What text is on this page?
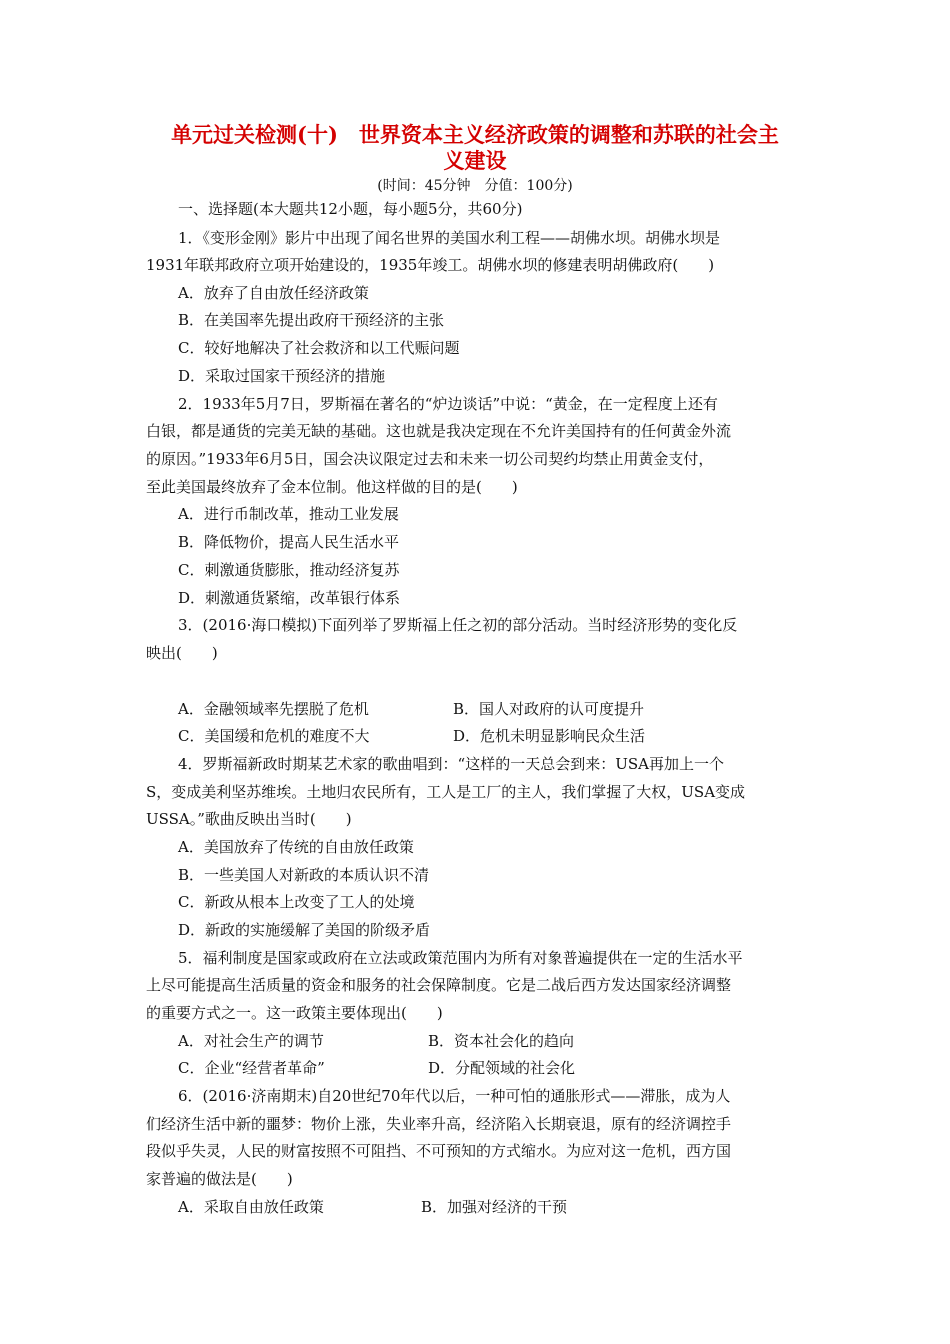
单元过关检测(十)　世界资本主义经济政策的调整和苏联的社会主
义建设
(时间：45分钟　分值：100分)
一、选择题(本大题共12小题，每小题5分，共60分)
1．《变形金刚》影片中出现了闻名世界的美国水利工程——胡佛水坝。胡佛水坝是
1931年联邦政府立项开始建设的，1935年竣工。胡佛水坝的修建表明胡佛政府(　　)
A．放弃了自由放任经济政策
B．在美国率先提出政府干预经济的主张
C．较好地解决了社会救济和以工代赈问题
D．采取过国家干预经济的措施
2．1933年5月7日，罗斯福在著名的“炉边谈话”中说：“黄金，在一定程度上还有
白银，都是通货的完美无缺的基础。这也就是我决定现在不允许美国持有的任何黄金外流
的原因。”1933年6月5日，国会决议限定过去和未来一切公司契约均禁止用黄金支付，
至此美国最终放弃了金本位制。他这样做的目的是(　　)
A．进行币制改革，推动工业发展
B．降低物价，提高人民生活水平
C．刺激通货膨胀，推动经济复苏
D．刺激通货紧缩，改革银行体系
3．(2016·海口模拟)下面列举了罗斯福上任之初的部分活动。当时经济形势的变化反
映出(　　)
A．金融领域率先摆脱了危机	B．国人对政府的认可度提升
C．美国缓和危机的难度不大	D．危机未明显影响民众生活
4．罗斯福新政时期某艺术家的歌曲唱到：“这样的一天总会到来：USA再加上一个
S，变成美利坚苏维埃。土地归农民所有，工人是工厂的主人，我们掌握了大权，USA变成
USSA。”歌曲反映出当时(　　)
A．美国放弃了传统的自由放任政策
B．一些美国人对新政的本质认识不清
C．新政从根本上改变了工人的处境
D．新政的实施缓解了美国的阶级矛盾
5．福利制度是国家或政府在立法或政策范围内为所有对象普遍提供在一定的生活水平
上尽可能提高生活质量的资金和服务的社会保障制度。它是二战后西方发达国家经济调整
的重要方式之一。这一政策主要体现出(　　)
A．对社会生产的调节	B．资本社会化的趋向
C．企业“经营者革命”	D．分配领域的社会化
6．(2016·济南期末)自20世纪70年代以后，一种可怕的通胀形式——滞胀，成为人
们经济生活中新的噩梦：物价上涨，失业率升高，经济陷入长期衰退，原有的经济调控手
段似乎失灵，人民的财富按照不可阻挡、不可预知的方式缩水。为应对这一危机，西方国
家普遍的做法是(　　)
A．采取自由放任政策	B．加强对经济的干预
